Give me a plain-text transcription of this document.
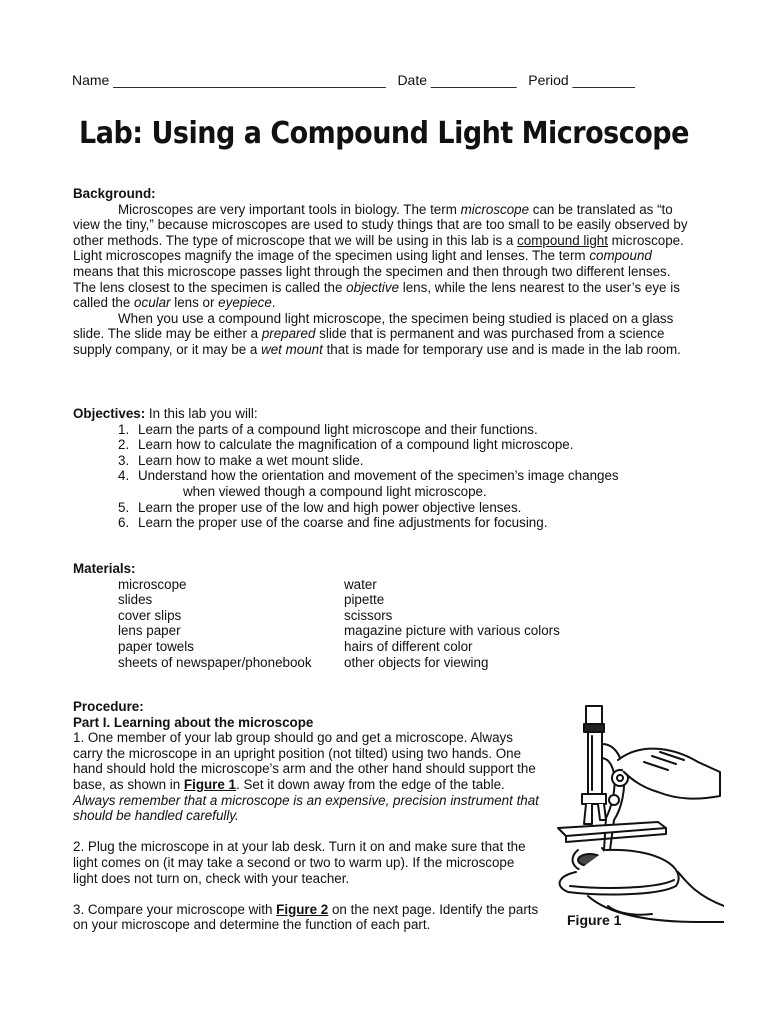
Name ___________________________________ Date ___________ Period ________
Lab: Using a Compound Light Microscope
Background:

Microscopes are very important tools in biology. The term microscope can be translated as “to view the tiny,” because microscopes are used to study things that are too small to be easily observed by other methods. The type of microscope that we will be using in this lab is a compound light microscope. Light microscopes magnify the image of the specimen using light and lenses. The term compound means that this microscope passes light through the specimen and then through two different lenses. The lens closest to the specimen is called the objective lens, while the lens nearest to the user’s eye is called the ocular lens or eyepiece.

When you use a compound light microscope, the specimen being studied is placed on a glass slide. The slide may be either a prepared slide that is permanent and was purchased from a science supply company, or it may be a wet mount that is made for temporary use and is made in the lab room.

Objectives: In this lab you will:
1. Learn the parts of a compound light microscope and their functions.
2. Learn how to calculate the magnification of a compound light microscope.
3. Learn how to make a wet mount slide.
4. Understand how the orientation and movement of the specimen’s image changes
when viewed though a compound light microscope.
5. Learn the proper use of the low and high power objective lenses.
6. Learn the proper use of the coarse and fine adjustments for focusing.
Materials:
microscope
slides
cover slips
lens paper
paper towels
sheets of newspaper/phonebook
water
pipette
scissors
magazine picture with various colors
hairs of different color
other objects for viewing
Procedure:
Part I. Learning about the microscope

1. One member of your lab group should go and get a microscope. Always carry the microscope in an upright position (not tilted) using two hands. One hand should hold the microscope’s arm and the other hand should support the base, as shown in Figure 1. Set it down away from the edge of the table. Always remember that a microscope is an expensive, precision instrument that should be handled carefully.

2. Plug the microscope in at your lab desk. Turn it on and make sure that the light comes on (it may take a second or two to warm up). If the microscope light does not turn on, check with your teacher.

3. Compare your microscope with Figure 2 on the next page. Identify the parts on your microscope and determine the function of each part.	Figure 1
